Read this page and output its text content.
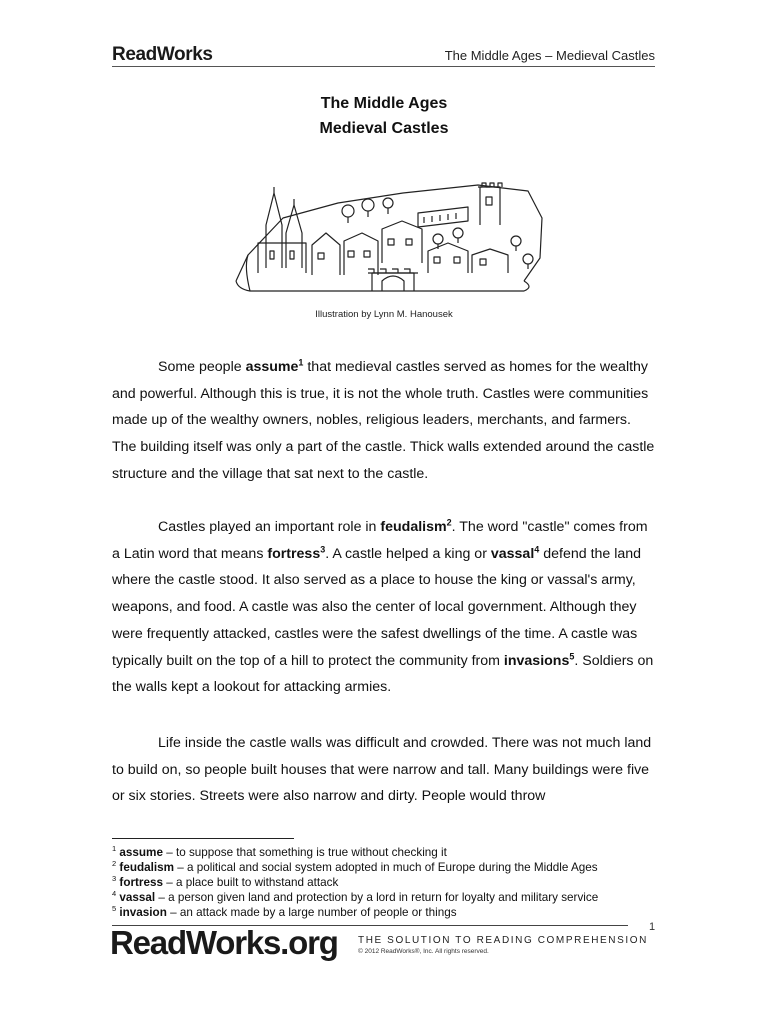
ReadWorks	The Middle Ages – Medieval Castles
The Middle Ages
Medieval Castles
Illustration by Lynn M. Hanousek

Some people assume$^1$ that medieval castles served as homes for the wealthy and powerful. Although this is true, it is not the whole truth. Castles were communities made up of the wealthy owners, nobles, religious leaders, merchants, and farmers. The building itself was only a part of the castle. Thick walls extended around the castle structure and the village that sat next to the castle.

Castles played an important role in feudalism$^2$. The word "castle" comes from a Latin word that means fortress$^3$. A castle helped a king or vassal$^4$ defend the land where the castle stood. It also served as a place to house the king or vassal's army, weapons, and food. A castle was also the center of local government. Although they were frequently attacked, castles were the safest dwellings of the time. A castle was typically built on the top of a hill to protect the community from invasions$^5$. Soldiers on the walls kept a lookout for attacking armies.

Life inside the castle walls was difficult and crowded. There was not much land to build on, so people built houses that were narrow and tall. Many buildings were five or six stories. Streets were also narrow and dirty. People would throw

$^1$ assume – to suppose that something is true without checking it
$^2$ feudalism – a political and social system adopted in much of Europe during the Middle Ages
$^3$ fortress – a place built to withstand attack
$^4$ vassal – a person given land and protection by a lord in return for loyalty and military service
$^5$ invasion – an attack made by a large number of people or things
1
ReadWorks.org THE SOLUTION TO READING COMPREHENSION
© 2012 ReadWorks®, Inc. All rights reserved.
